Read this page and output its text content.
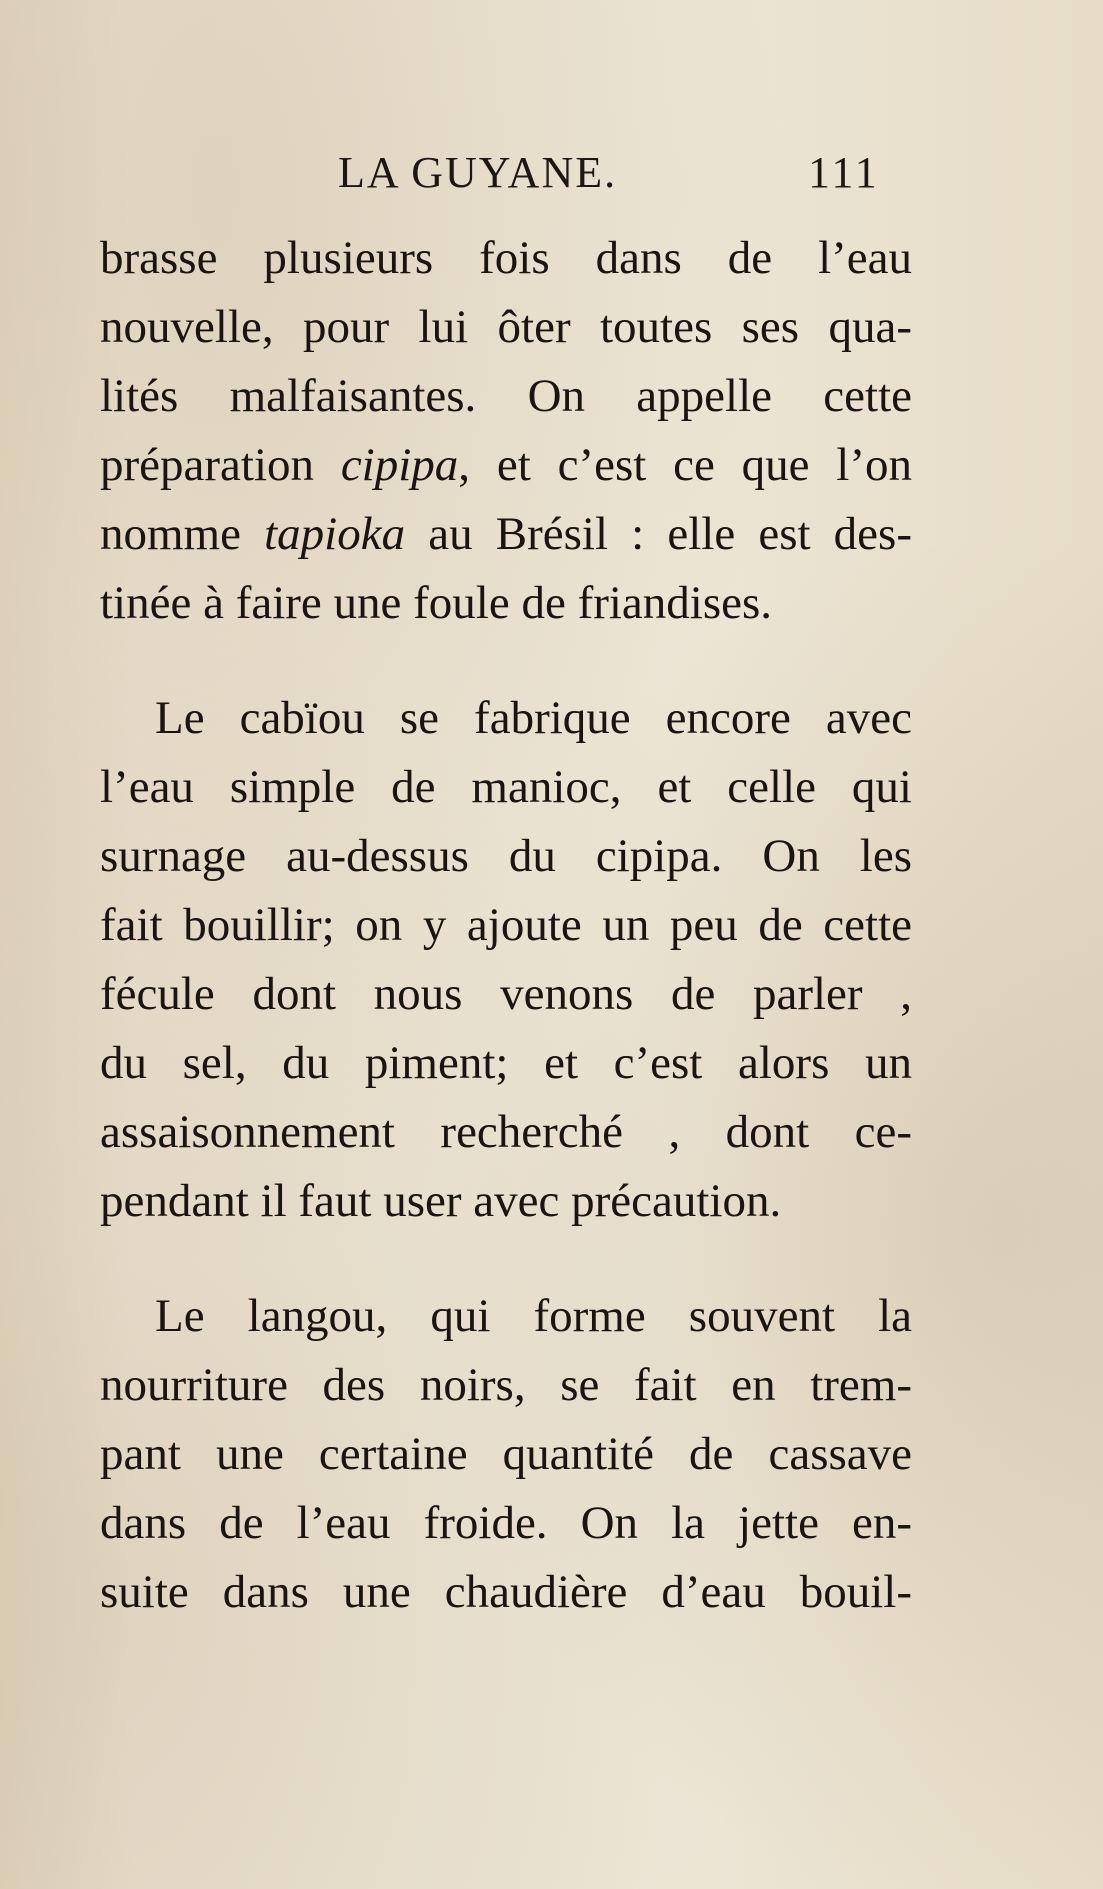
LA GUYANE.	111
brasse plusieurs fois dans de l’eau
nouvelle, pour lui ôter toutes ses qua-
lités malfaisantes. On appelle cette
préparation cipipa, et c’est ce que l’on
nomme tapioka au Brésil : elle est des-
tinée à faire une foule de friandises.
Le cabïou se fabrique encore avec
l’eau simple de manioc, et celle qui
surnage au-dessus du cipipa. On les
fait bouillir; on y ajoute un peu de cette
fécule dont nous venons de parler ,
du sel, du piment; et c’est alors un
assaisonnement recherché , dont ce-
pendant il faut user avec précaution.
Le langou, qui forme souvent la
nourriture des noirs, se fait en trem-
pant une certaine quantité de cassave
dans de l’eau froide. On la jette en-
suite dans une chaudière d’eau bouil-
